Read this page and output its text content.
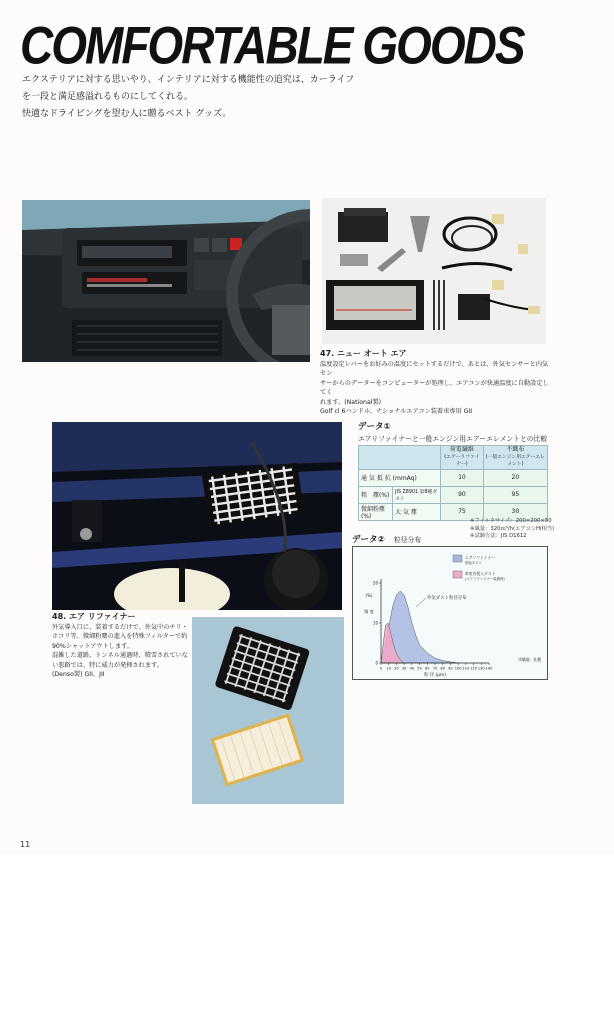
COMFORTABLE GOODS
エクステリアに対する思いやり、インテリアに対する機能性の追究は、カーライフ
を一段と満足感溢れるものにしてくれる。
快適なドライビングを望む人に贈るベスト グッズ。
47. ニュー オート エア
温度設定レバーをお好みの温度にセットするだけで、あとは、外気センサーと内気セン
サーからのデーターをコンピューターが処理し、エアコンが快適温度に自動設定してく
れます。(National製)
Golf cl 6ハンドル、ナショナルエアコン装着車専用 GII
48. エア リファイナー
外気導入口に、装着するだけで、外気中のチリ・
ホコリ等、微細粉塵の進入を特殊フィルターで約
90%シャットアウトします。
混雑した道路、トンネル通過時、積雪されていな
い悪路では、特に威力が発揮されます。
(Denso製) GII、JII
データ①
エアリファイナーと一般エンジン用エアーエレメントとの比較
		荷電繊維
(エアーリファイナー)	不織布
(一般エンジン用エアーエレメント)

通 気 抵 抗 (mmAq)		10	20
粗　塵(%)	JIS Z8901 第8種ダスト	90	95
微細粉塵(%)	大 気 塵	75	30
※フィルタサイズ：200×200×50
※風量：320ｍ³/h(エアコンHi相当)
※試験方法：JIS D1612
データ② 粒径分布
0 10 20 30 40 50 60 70 80 90 100 110 120 130 140
0
10
20
(%)
頻 度
粒 径 (μm)
エアリファイナー
供給ダスト
車室内侵入ダスト
(エアリファイナー装着時)
外気ダスト粒径分布
実験地：札幌
11
